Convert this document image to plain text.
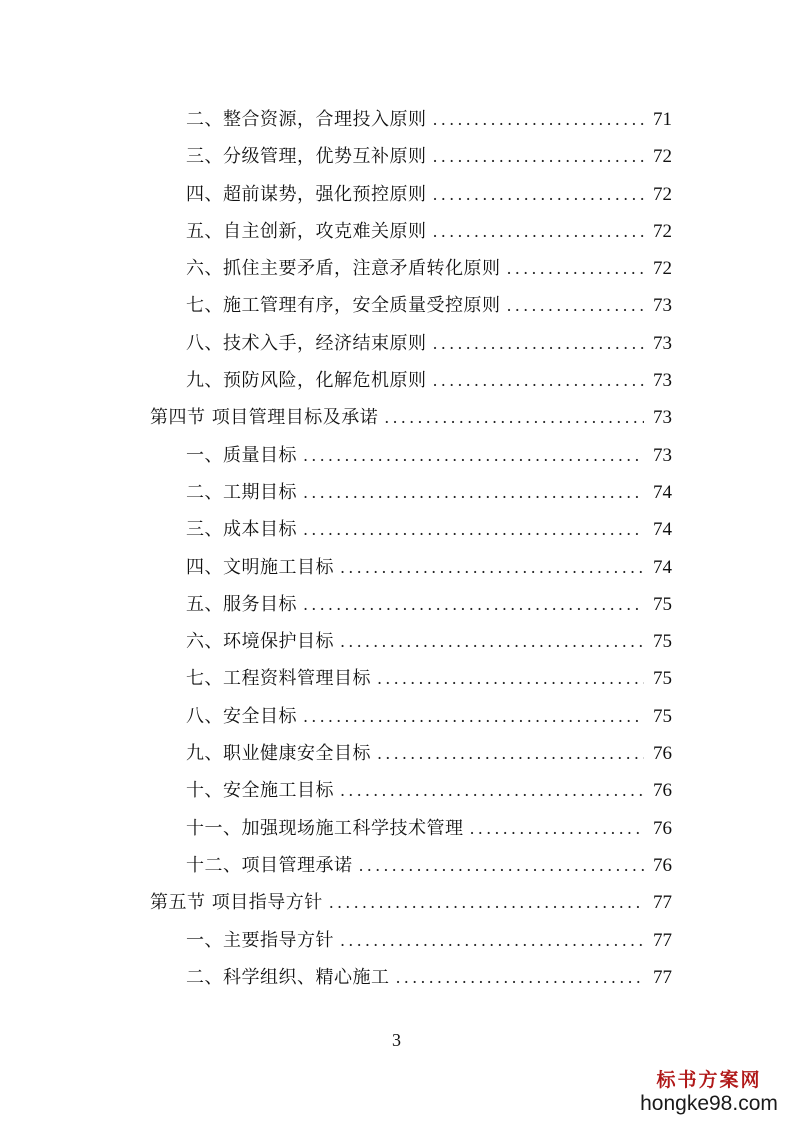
二、整合资源，合理投入原则 .....	71
三、分级管理，优势互补原则 .....	72
四、超前谋势，强化预控原则 .....	72
五、自主创新，攻克难关原则 .....	72
六、抓住主要矛盾，注意矛盾转化原则 .....	72
七、施工管理有序，安全质量受控原则 .....	73
八、技术入手，经济结束原则 .....	73
九、预防风险，化解危机原则 .....	73
第四节 项目管理目标及承诺 .....	73
一、质量目标 .....	73
二、工期目标 .....	74
三、成本目标 .....	74
四、文明施工目标 .....	74
五、服务目标 .....	75
六、环境保护目标 .....	75
七、工程资料管理目标 .....	75
八、安全目标 .....	75
九、职业健康安全目标 .....	76
十、安全施工目标 .....	76
十一、加强现场施工科学技术管理 .....	76
十二、项目管理承诺 .....	76
第五节 项目指导方针 .....	77
一、主要指导方针 .....	77
二、科学组织、精心施工 .....	77
3
标书方案网
hongke98.com
